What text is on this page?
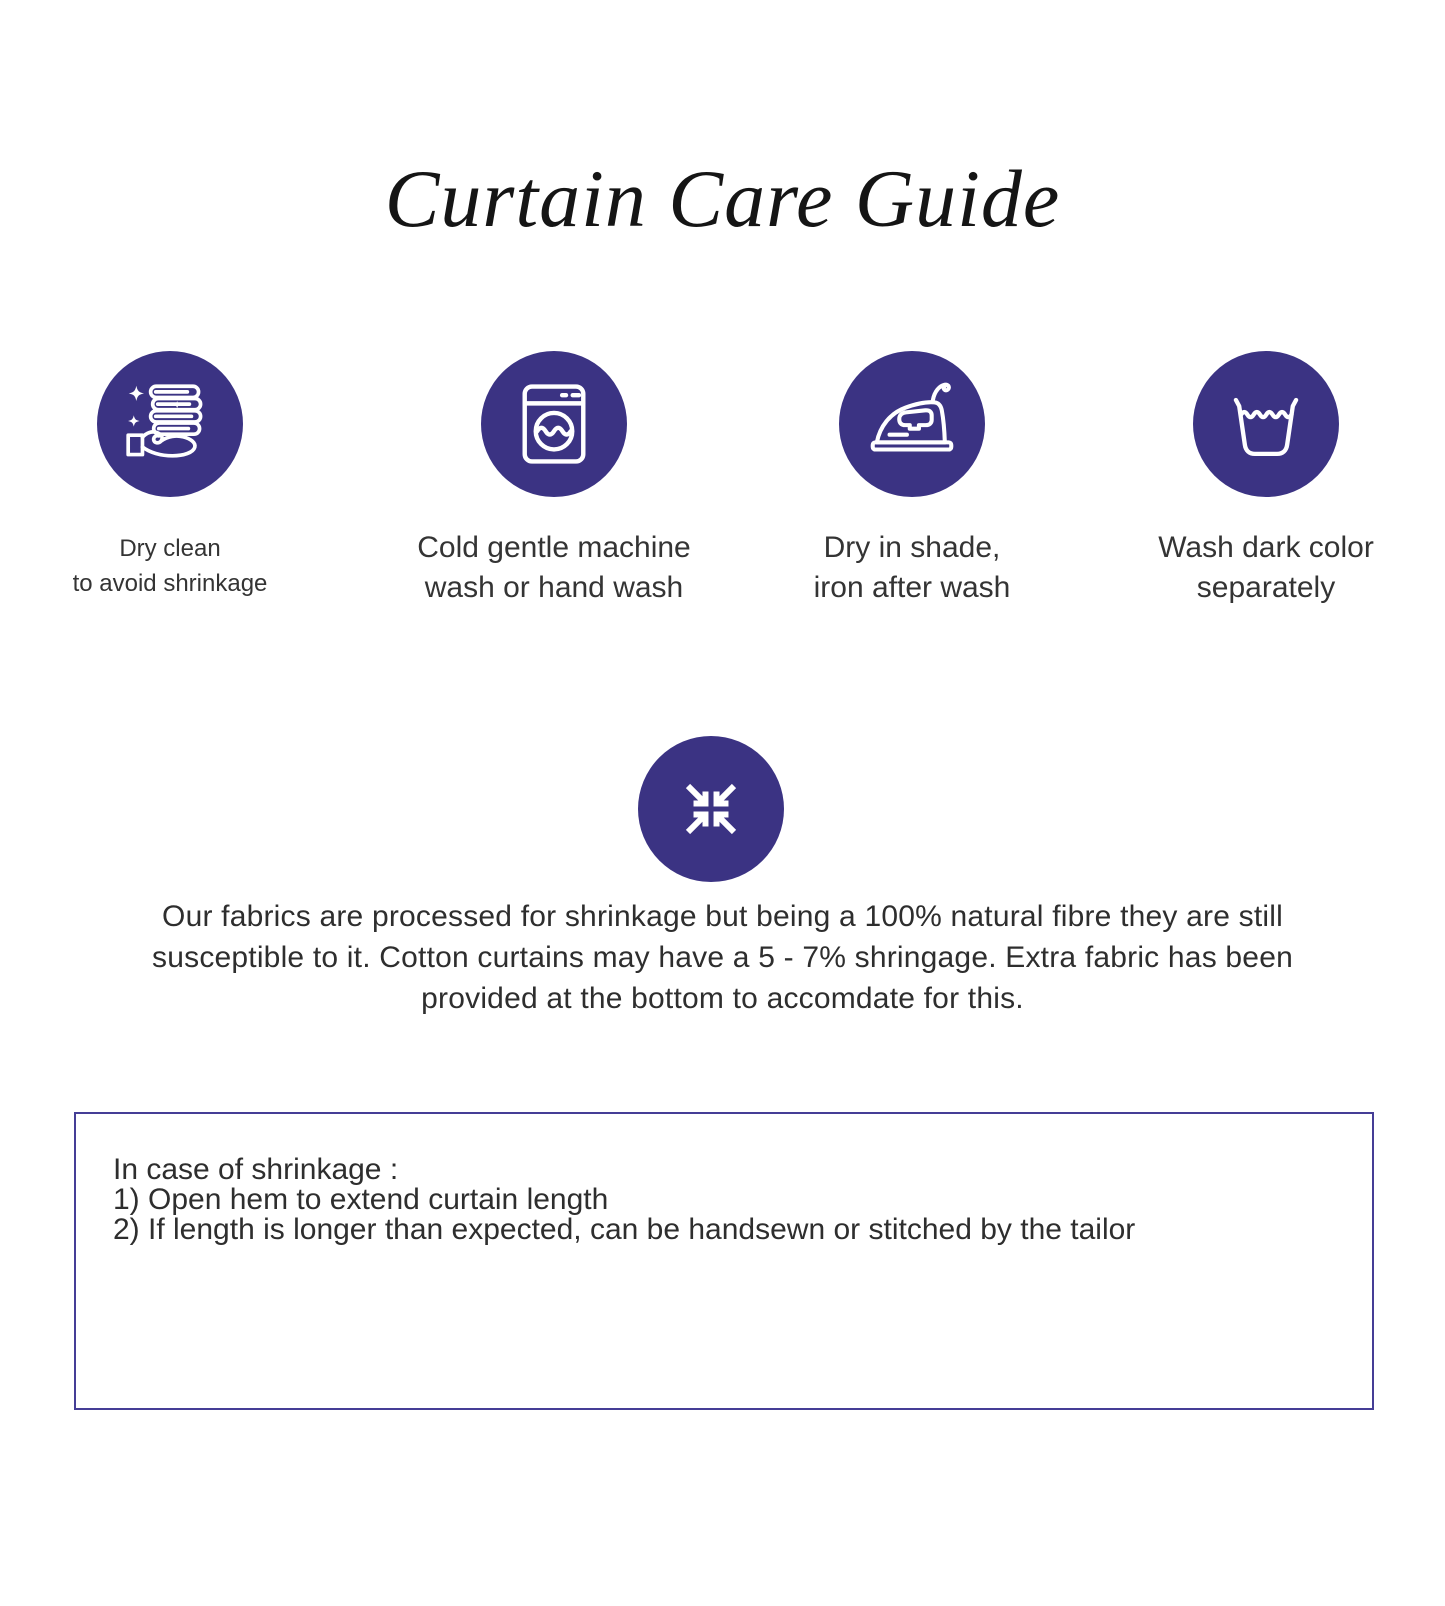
Curtain Care Guide
Dry clean
to avoid shrinkage
Cold gentle machine
wash or hand wash
Dry in shade,
iron after wash
Wash dark color
separately

Our fabrics are processed for shrinkage but being a 100% natural fibre they are still susceptible to it. Cotton curtains may have a 5 - 7% shringage. Extra fabric has been provided at the bottom to accomdate for this.

In case of shrinkage :

1) Open hem to extend curtain length

2) If length is longer than expected, can be handsewn or stitched by the tailor
